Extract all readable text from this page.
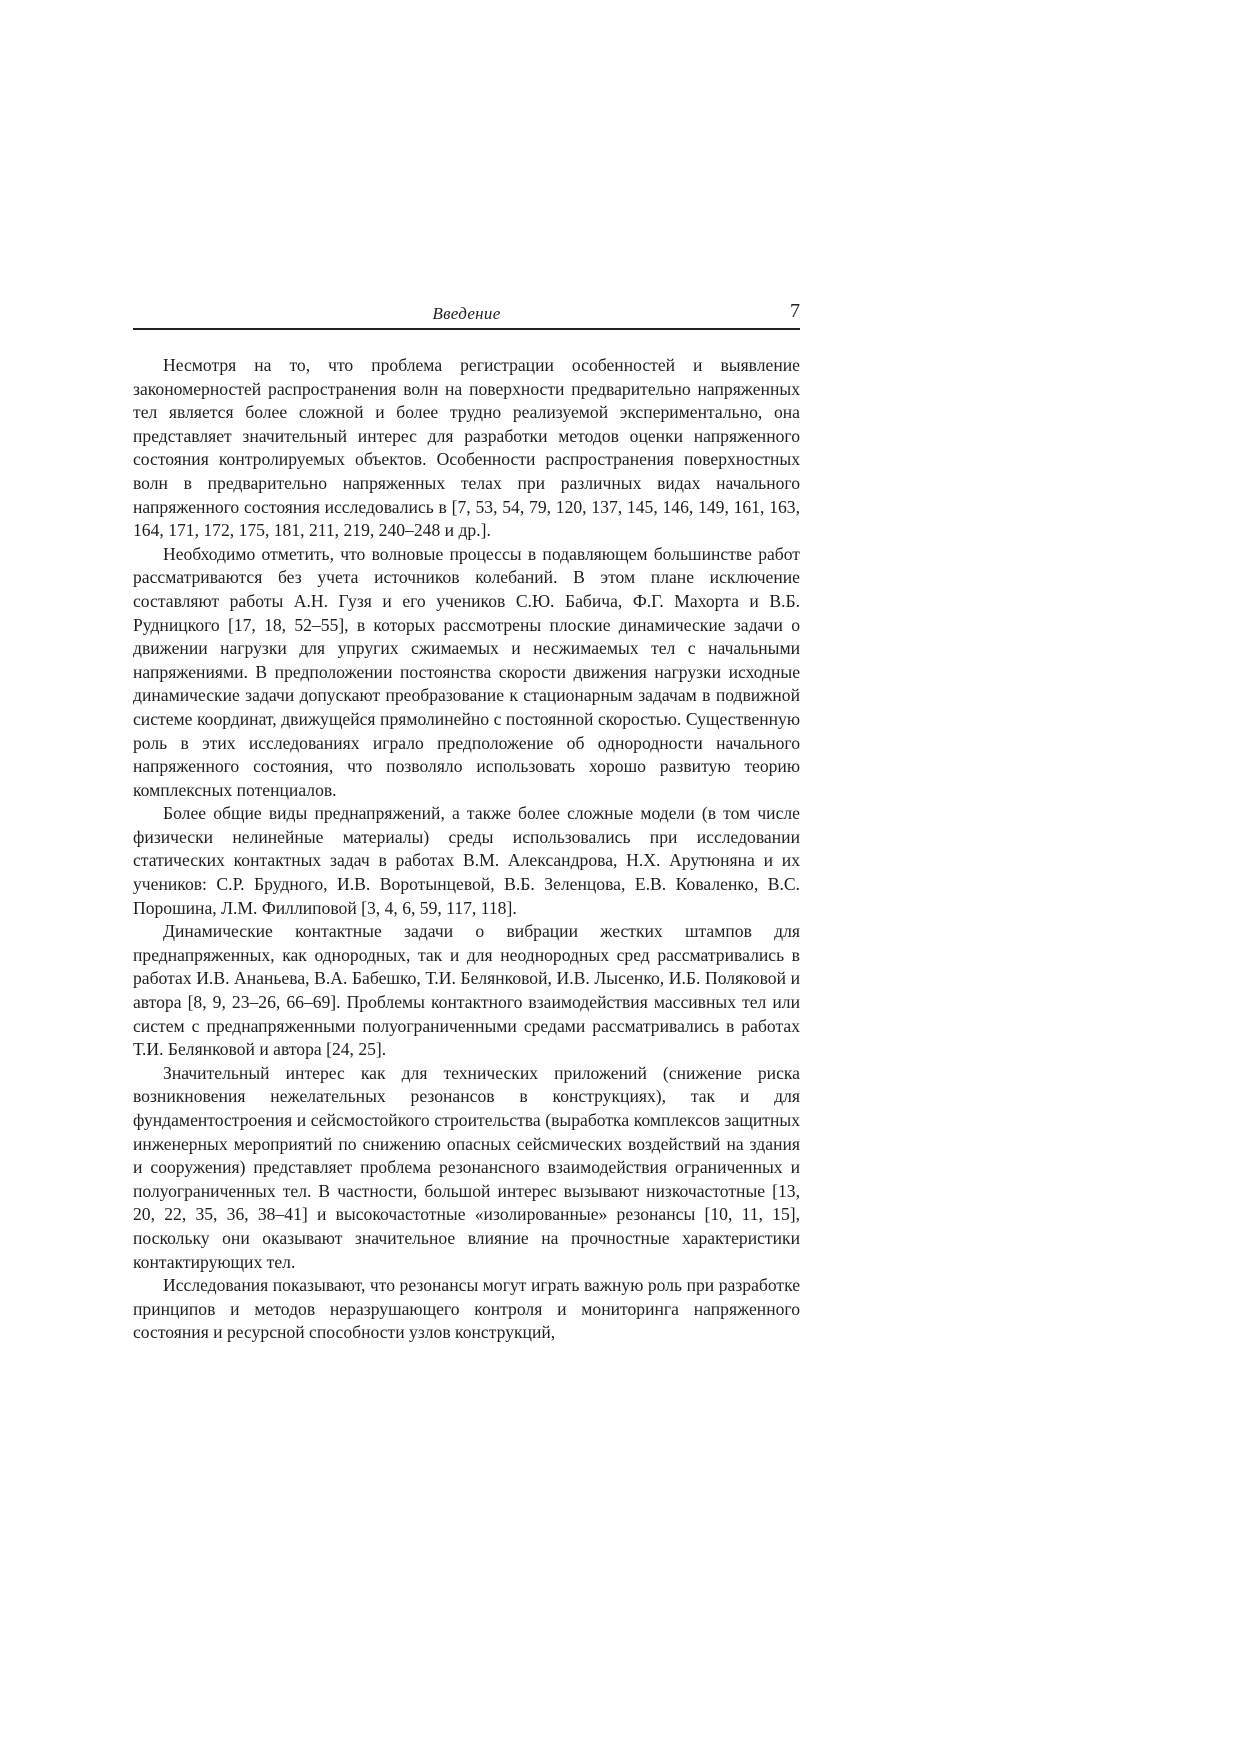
Введение	7

Несмотря на то, что проблема регистрации особенностей и выявление закономерностей распространения волн на поверхности предварительно напряженных тел является более сложной и более трудно реализуемой экспериментально, она представляет значительный интерес для разработки методов оценки напряженного состояния контролируемых объектов. Особенности распространения поверхностных волн в предварительно напряженных телах при различных видах начального напряженного состояния исследовались в [7, 53, 54, 79, 120, 137, 145, 146, 149, 161, 163, 164, 171, 172, 175, 181, 211, 219, 240–248 и др.].

Необходимо отметить, что волновые процессы в подавляющем большинстве работ рассматриваются без учета источников колебаний. В этом плане исключение составляют работы А.Н. Гузя и его учеников С.Ю. Бабича, Ф.Г. Махорта и В.Б. Рудницкого [17, 18, 52–55], в которых рассмотрены плоские динамические задачи о движении нагрузки для упругих сжимаемых и несжимаемых тел с начальными напряжениями. В предположении постоянства скорости движения нагрузки исходные динамические задачи допускают преобразование к стационарным задачам в подвижной системе координат, движущейся прямолинейно с постоянной скоростью. Существенную роль в этих исследованиях играло предположение об однородности начального напряженного состояния, что позволяло использовать хорошо развитую теорию комплексных потенциалов.

Более общие виды преднапряжений, а также более сложные модели (в том числе физически нелинейные материалы) среды использовались при исследовании статических контактных задач в работах В.М. Александрова, Н.Х. Арутюняна и их учеников: С.Р. Брудного, И.В. Воротынцевой, В.Б. Зеленцова, Е.В. Коваленко, В.С. Порошина, Л.М. Филлиповой [3, 4, 6, 59, 117, 118].

Динамические контактные задачи о вибрации жестких штампов для преднапряженных, как однородных, так и для неоднородных сред рассматривались в работах И.В. Ананьева, В.А. Бабешко, Т.И. Белянковой, И.В. Лысенко, И.Б. Поляковой и автора [8, 9, 23–26, 66–69]. Проблемы контактного взаимодействия массивных тел или систем с преднапряженными полуограниченными средами рассматривались в работах Т.И. Белянковой и автора [24, 25].

Значительный интерес как для технических приложений (снижение риска возникновения нежелательных резонансов в конструкциях), так и для фундаментостроения и сейсмостойкого строительства (выработка комплексов защитных инженерных мероприятий по снижению опасных сейсмических воздействий на здания и сооружения) представляет проблема резонансного взаимодействия ограниченных и полуограниченных тел. В частности, большой интерес вызывают низкочастотные [13, 20, 22, 35, 36, 38–41] и высокочастотные «изолированные» резонансы [10, 11, 15], поскольку они оказывают значительное влияние на прочностные характеристики контактирующих тел.

Исследования показывают, что резонансы могут играть важную роль при разработке принципов и методов неразрушающего контроля и мониторинга напряженного состояния и ресурсной способности узлов конструкций,
